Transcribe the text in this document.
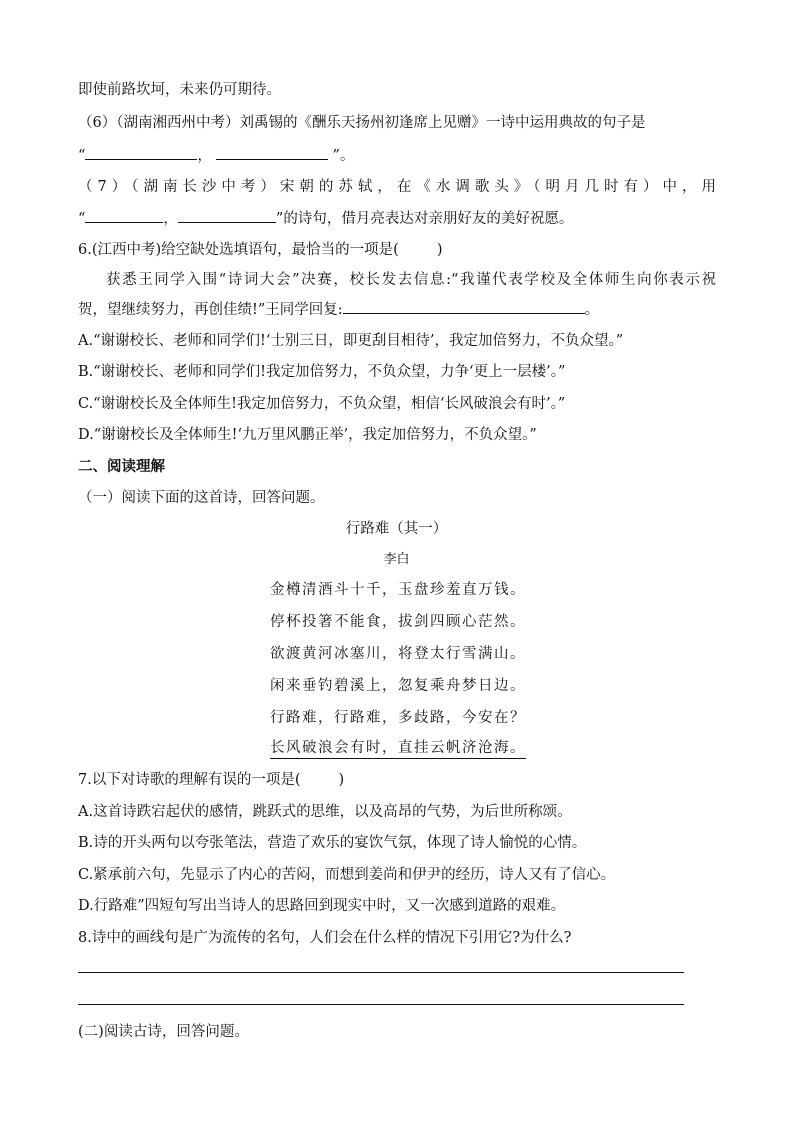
即使前路坎坷，未来仍可期待。
（6）（湖南湘西州中考）刘禹锡的《酬乐天扬州初逢席上见赠》一诗中运用典故的句子是
“	，	”。
（7）（湖南长沙中考）宋朝的苏轼，在《水调歌头》（明月几时有）中，用
“	，	”的诗句，借月亮表达对亲朋好友的美好祝愿。
6.(江西中考)给空缺处选填语句，最恰当的一项是(	)
获悉王同学入围“诗词大会”决赛，校长发去信息:“我谨代表学校及全体师生向你表示祝
贺，望继续努力，再创佳绩!”王同学回复:	。
A.“谢谢校长、老师和同学们!‘士别三日，即更刮目相待’，我定加倍努力，不负众望。”
B.“谢谢校长、老师和同学们!我定加倍努力，不负众望，力争‘更上一层楼’。”
C.“谢谢校长及全体师生!我定加倍努力，不负众望，相信‘长风破浪会有时’。”
D.“谢谢校长及全体师生!‘九万里风鹏正举’，我定加倍努力，不负众望。”
二、阅读理解
（一）阅读下面的这首诗，回答问题。
行路难（其一）
李白
金樽清酒斗十千，玉盘珍羞直万钱。
停杯投箸不能食，拔剑四顾心茫然。
欲渡黄河冰塞川，将登太行雪满山。
闲来垂钓碧溪上，忽复乘舟梦日边。
行路难，行路难，多歧路，今安在？
长风破浪会有时，直挂云帆济沧海。
7.以下对诗歌的理解有误的一项是(	)
A.这首诗跌宕起伏的感情，跳跃式的思维，以及高昂的气势，为后世所称颂。
B.诗的开头两句以夸张笔法，营造了欢乐的宴饮气氛，体现了诗人愉悦的心情。
C.紧承前六句，先显示了内心的苦闷，而想到姜尚和伊尹的经历，诗人又有了信心。
D.行路难”四短句写出当诗人的思路回到现实中时，又一次感到道路的艰难。
8.诗中的画线句是广为流传的名句，人们会在什么样的情况下引用它?为什么?
(二)阅读古诗，回答问题。
